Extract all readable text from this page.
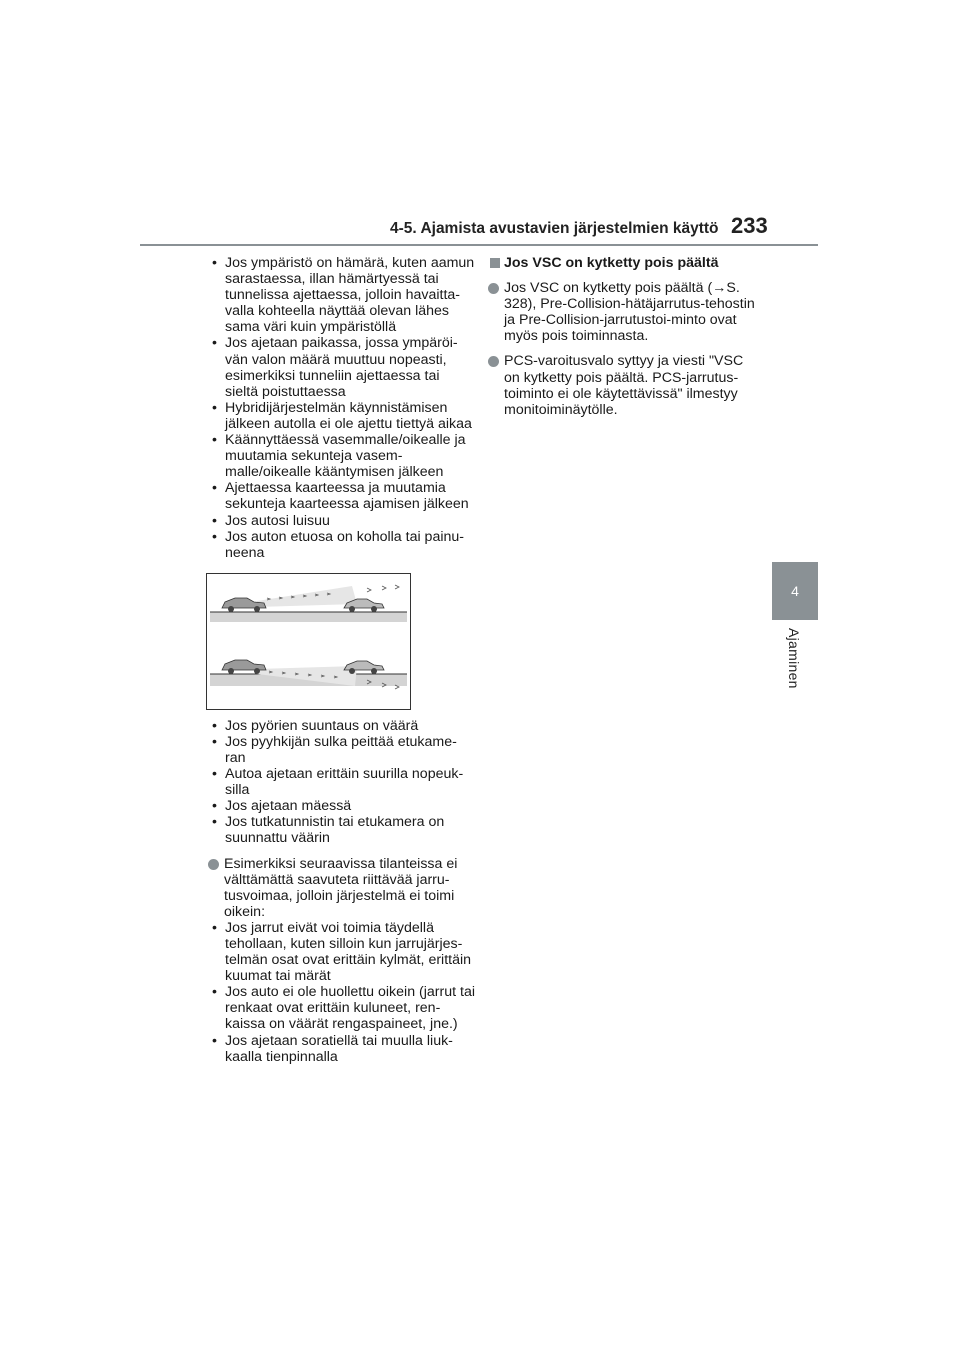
4-5. Ajamista avustavien järjestelmien käyttö 233
4
Ajaminen
• Jos ympäristö on hämärä, kuten aamun sarastaessa, illan hämärtyessä tai tunnelissa ajettaessa, jolloin havaitta-valla kohteella näyttää olevan lähes sama väri kuin ympäristöllä
• Jos ajetaan paikassa, jossa ympäröi-vän valon määrä muuttuu nopeasti, esimerkiksi tunneliin ajettaessa tai sieltä poistuttaessa
• Hybridijärjestelmän käynnistämisen jälkeen autolla ei ole ajettu tiettyä aikaa
• Käännyttäessä vasemmalle/oikealle ja muutamia sekunteja vasem-malle/oikealle kääntymisen jälkeen
• Ajettaessa kaarteessa ja muutamia sekunteja kaarteessa ajamisen jälkeen
• Jos autosi luisuu
• Jos auton etuosa on koholla tai painu-neena
• Jos pyörien suuntaus on väärä
• Jos pyyhkijän sulka peittää etukame-ran
• Autoa ajetaan erittäin suurilla nopeuk-silla
• Jos ajetaan mäessä
• Jos tutkatunnistin tai etukamera on suunnattu väärin
Esimerkiksi seuraavissa tilanteissa ei välttämättä saavuteta riittävää jarru-tusvoimaa, jolloin järjestelmä ei toimi oikein:
• Jos jarrut eivät voi toimia täydellä tehollaan, kuten silloin kun jarrujärjes-telmän osat ovat erittäin kylmät, erittäin kuumat tai märät
• Jos auto ei ole huollettu oikein (jarrut tai renkaat ovat erittäin kuluneet, ren-kaissa on väärät rengaspaineet, jne.)
• Jos ajetaan soratiellä tai muulla liuk-kaalla tienpinnalla
Jos VSC on kytketty pois päältä
Jos VSC on kytketty pois päältä (→S. 328), Pre-Collision-hätäjarrutus-tehostin ja Pre-Collision-jarrutustoi-minto ovat myös pois toiminnasta.
PCS-varoitusvalo syttyy ja viesti "VSC on kytketty pois päältä. PCS-jarrutus-toiminto ei ole käytettävissä" ilmestyy monitoiminäytölle.
